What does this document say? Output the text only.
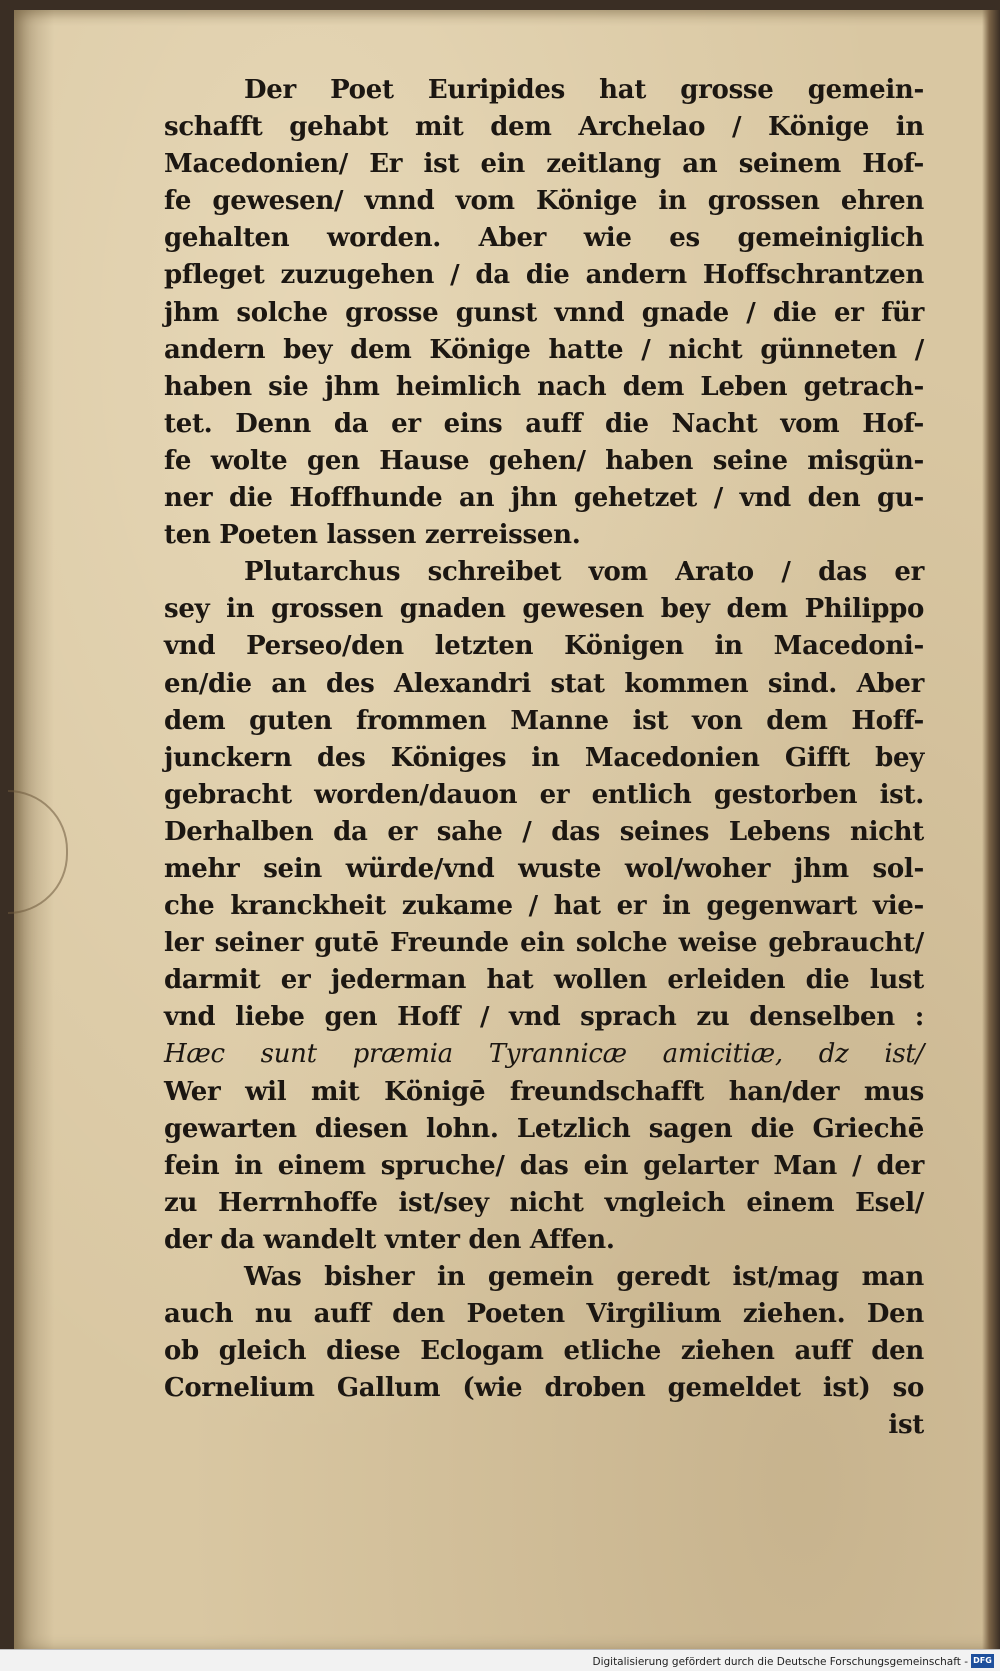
Der Poet Euripides hat grosse gemein-
schafft gehabt mit dem Archelao / Könige in
Macedonien/ Er ist ein zeitlang an seinem Hof-
fe gewesen/ vnnd vom Könige in grossen ehren
gehalten worden. Aber wie es gemeiniglich
pfleget zuzugehen / da die andern Hoffschrantzen
jhm solche grosse gunst vnnd gnade / die er für
andern bey dem Könige hatte / nicht günneten /
haben sie jhm heimlich nach dem Leben getrach-
tet. Denn da er eins auff die Nacht vom Hof-
fe wolte gen Hause gehen/ haben seine misgün-
ner die Hoffhunde an jhn gehetzet / vnd den gu-
ten Poeten lassen zerreissen.
Plutarchus schreibet vom Arato / das er
sey in grossen gnaden gewesen bey dem Philippo
vnd Perseo/den letzten Königen in Macedoni-
en/die an des Alexandri stat kommen sind. Aber
dem guten frommen Manne ist von dem Hoff-
junckern des Königes in Macedonien Gifft bey
gebracht worden/dauon er entlich gestorben ist.
Derhalben da er sahe / das seines Lebens nicht
mehr sein würde/vnd wuste wol/woher jhm sol-
che kranckheit zukame / hat er in gegenwart vie-
ler seiner gutē Freunde ein solche weise gebraucht/
darmit er jederman hat wollen erleiden die lust
vnd liebe gen Hoff / vnd sprach zu denselben :
Hæc sunt præmia Tyrannicæ amicitiæ, dz ist/
Wer wil mit Königē freundschafft han/der mus
gewarten diesen lohn. Letzlich sagen die Griechē
fein in einem spruche/ das ein gelarter Man / der
zu Herrnhoffe ist/sey nicht vngleich einem Esel/
der da wandelt vnter den Affen.
Was bisher in gemein geredt ist/mag man
auch nu auff den Poeten Virgilium ziehen. Den
ob gleich diese Eclogam etliche ziehen auff den
Cornelium Gallum (wie droben gemeldet ist) so
ist
Digitalisierung gefördert durch die Deutsche Forschungsgemeinschaft - DFG
